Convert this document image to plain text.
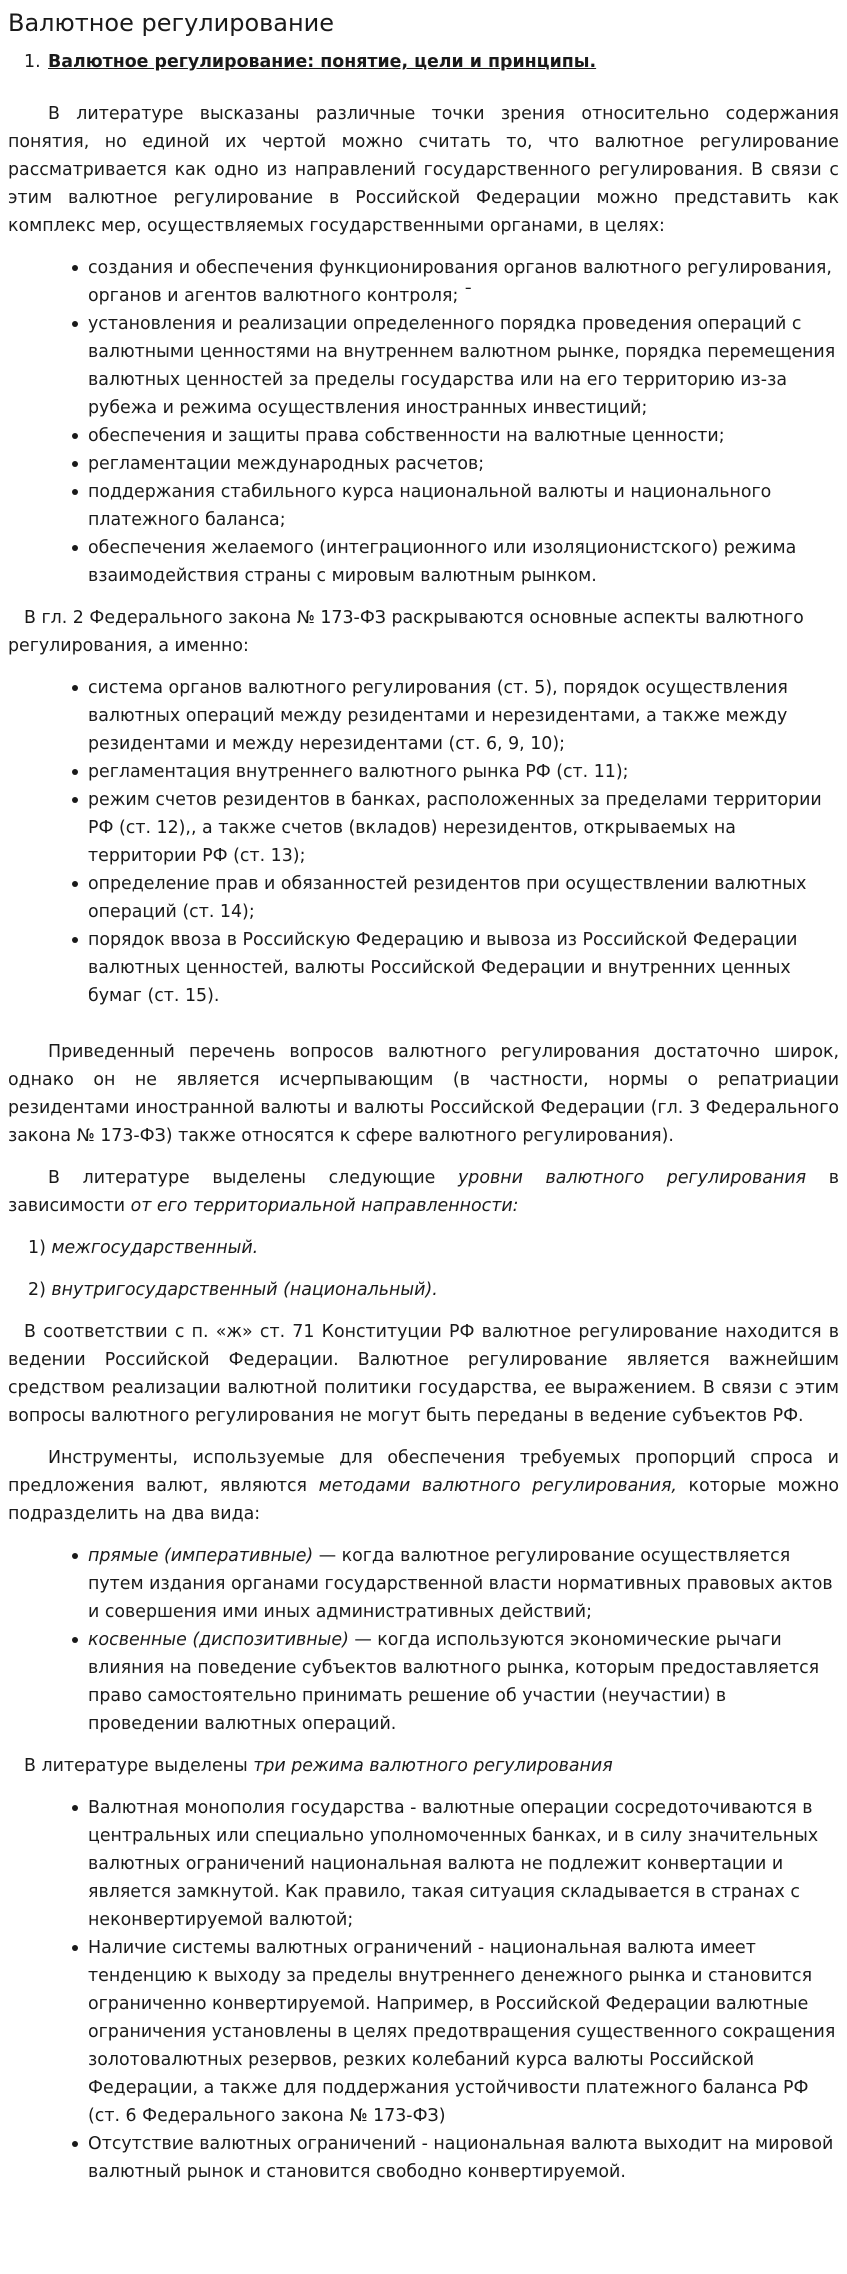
Валютное регулирование

1. Валютное регулирование: понятие, цели и принципы.

В литературе высказаны различные точки зрения относительно содержания понятия, но единой их чертой можно считать то, что валютное регулирование рассматривается как одно из направлений государственного регулирования. В связи с этим валютное регулирование в Российской Федерации можно представить как комплекс мер, осуществляемых государственными органами, в целях:

создания и обеспечения функционирования органов валютного регулирования, органов и агентов валютного контроля; ˉ
установления и реализации определенного порядка проведения операций с валютными ценностями на внутреннем валютном рынке, порядка перемещения валютных ценностей за пределы государства или на его территорию из-за рубежа и режима осуществления иностранных инвестиций;
обеспечения и защиты права собственности на валютные ценности;
регламентации международных расчетов;
поддержания стабильного курса национальной валюты и национального платежного баланса;
обеспечения желаемого (интеграционного или изоляционистского) режима взаимодействия страны с мировым валютным рынком.

В гл. 2 Федерального закона № 173-ФЗ раскрываются основные аспекты валютного регулирования, а именно:

система органов валютного регулирования (ст. 5), порядок осуществления валютных операций между резидентами и нерезидентами, а также между резидентами и между нерезидентами (ст. 6, 9, 10);
регламентация внутреннего валютного рынка РФ (ст. 11);
режим счетов резидентов в банках, расположенных за пределами территории РФ (ст. 12),, а также счетов (вкладов) нерезидентов, открываемых на территории РФ (ст. 13);
определение прав и обязанностей резидентов при осуществлении валютных операций (ст. 14);
порядок ввоза в Российскую Федерацию и вывоза из Российской Федерации валютных ценностей, валюты Российской Федерации и внутренних ценных бумаг (ст. 15).

Приведенный перечень вопросов валютного регулирования достаточно широк, однако он не является исчерпывающим (в частности, нормы о репатриации резидентами иностранной валюты и валюты Российской Федерации (гл. 3 Федерального закона № 173-ФЗ) также относятся к сфере валютного регулирования).

В литературе выделены следующие уровни валютного регулирования в зависимости от его территориальной направленности:

1) межгосударственный.

2) внутригосударственный (национальный).

В соответствии с п. «ж» ст. 71 Конституции РФ валютное регулирование находится в ведении Российской Федерации. Валютное регулирование является важнейшим средством реализации валютной политики государства, ее выражением. В связи с этим вопросы валютного регулирования не могут быть переданы в ведение субъектов РФ.

Инструменты, используемые для обеспечения требуемых пропорций спроса и предложения валют, являются методами валютного регулирования, которые можно подразделить на два вида:

прямые (императивные) — когда валютное регулирование осуществляется путем издания органами государственной власти нормативных правовых актов и совершения ими иных административных действий;
косвенные (диспозитивные) — когда используются экономические рычаги влияния на поведение субъектов валютного рынка, которым предоставляется право самостоятельно принимать решение об участии (неучастии) в проведении валютных операций.

В литературе выделены три режима валютного регулирования

Валютная монополия государства - валютные операции сосредоточиваются в центральных или специально уполномоченных банках, и в силу значительных валютных ограничений национальная валюта не подлежит конвертации и является замкнутой. Как правило, такая ситуация складывается в странах с неконвертируемой валютой;
Наличие системы валютных ограничений - национальная валюта имеет тенденцию к выходу за пределы внутреннего денежного рынка и становится ограниченно конвертируемой. Например, в Российской Федерации валютные ограничения установлены в целях предотвращения существенного сокращения золотовалютных резервов, резких колебаний курса валюты Российской Федерации, а также для поддержания устойчивости платежного баланса РФ (ст. 6 Федерального закона № 173-ФЗ)
Отсутствие валютных ограничений - национальная валюта выходит на мировой валютный рынок и становится свободно конвертируемой.
